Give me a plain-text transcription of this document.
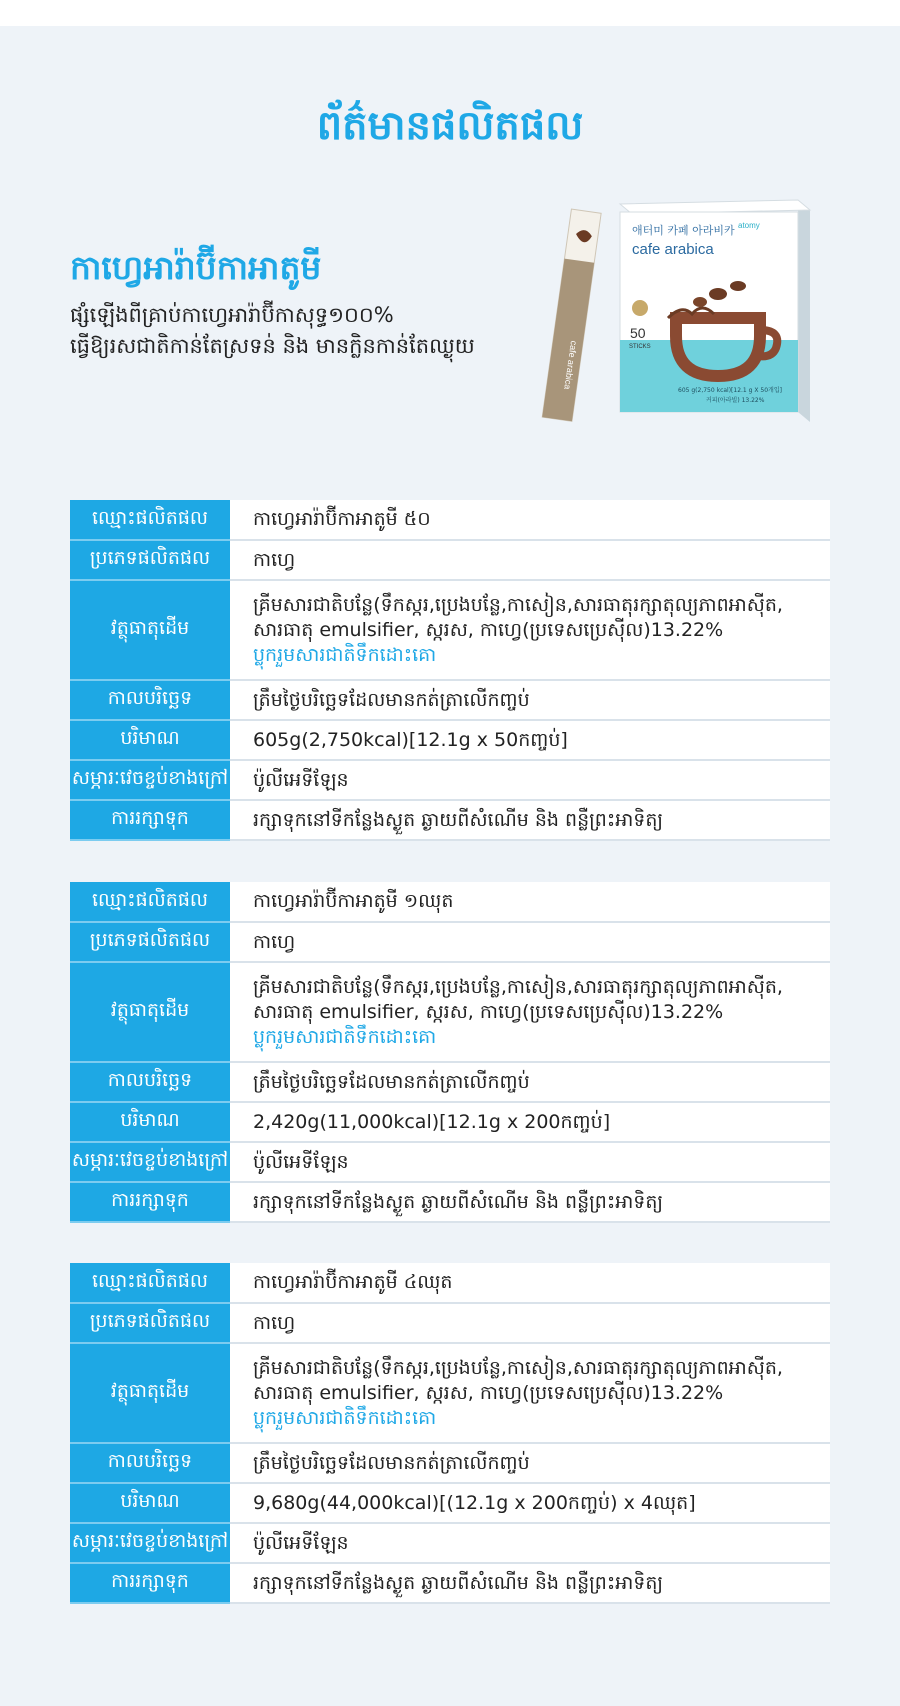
ព័ត៌មានផលិតផល
កាហ្វេអារ៉ាប៊ីកាអាតូមី
ផ្សំឡើងពីគ្រាប់កាហ្វេអារ៉ាប៊ីកាសុទ្ធ១០០%
ធ្វើឱ្យរសជាតិកាន់តែស្រទន់ និង មានក្លិនកាន់តែឈ្ងុយ	cafe arabica
애터미 카페 아라비카
cafe arabica
atomy
50
STICKS
605 g(2,750 kcal)[12.1 g X 50개입]
커피(아라빌) 13.22%
ឈ្មោះផលិតផល	កាហ្វេអារ៉ាប៊ីកាអាតូមី ៥០
ប្រភេទផលិតផល	កាហ្វេ
វត្ថុធាតុដើម	គ្រីមសារជាតិបន្លែ(ទឹកស្ករ,ប្រេងបន្លែ,កាសៀន,សារធាតុរក្សាតុល្យភាពអាស៊ីត,
សារធាតុ emulsifier, ស្ករស, កាហ្វេ(ប្រទេសប្រេស៊ីល)13.22%
ប្លុករួមសារជាតិទឹកដោះគោ

កាលបរិច្ឆេទ	ត្រឹមថ្ងៃបរិច្ឆេទដែលមានកត់ត្រាលើកញ្ចប់
បរិមាណ	605g(2,750kcal)[12.1g x 50កញ្ចប់]
សម្ភារៈវេចខ្ចប់ខាងក្រៅ	ប៉ូលីអេទីឡែន
ការរក្សាទុក	រក្សាទុកនៅទីកន្លែងស្ងួត ឆ្ងាយពីសំណើម និង ពន្លឺព្រះអាទិត្យ
ឈ្មោះផលិតផល	កាហ្វេអារ៉ាប៊ីកាអាតូមី ១ឈុត
ប្រភេទផលិតផល	កាហ្វេ
វត្ថុធាតុដើម	គ្រីមសារជាតិបន្លែ(ទឹកស្ករ,ប្រេងបន្លែ,កាសៀន,សារធាតុរក្សាតុល្យភាពអាស៊ីត,
សារធាតុ emulsifier, ស្ករស, កាហ្វេ(ប្រទេសប្រេស៊ីល)13.22%
ប្លុករួមសារជាតិទឹកដោះគោ

កាលបរិច្ឆេទ	ត្រឹមថ្ងៃបរិច្ឆេទដែលមានកត់ត្រាលើកញ្ចប់
បរិមាណ	2,420g(11,000kcal)[12.1g x 200កញ្ចប់]
សម្ភារៈវេចខ្ចប់ខាងក្រៅ	ប៉ូលីអេទីឡែន
ការរក្សាទុក	រក្សាទុកនៅទីកន្លែងស្ងួត ឆ្ងាយពីសំណើម និង ពន្លឺព្រះអាទិត្យ
ឈ្មោះផលិតផល	កាហ្វេអារ៉ាប៊ីកាអាតូមី ៤ឈុត
ប្រភេទផលិតផល	កាហ្វេ
វត្ថុធាតុដើម	គ្រីមសារជាតិបន្លែ(ទឹកស្ករ,ប្រេងបន្លែ,កាសៀន,សារធាតុរក្សាតុល្យភាពអាស៊ីត,
សារធាតុ emulsifier, ស្ករស, កាហ្វេ(ប្រទេសប្រេស៊ីល)13.22%
ប្លុករួមសារជាតិទឹកដោះគោ

កាលបរិច្ឆេទ	ត្រឹមថ្ងៃបរិច្ឆេទដែលមានកត់ត្រាលើកញ្ចប់
បរិមាណ	9,680g(44,000kcal)[(12.1g x 200កញ្ចប់) x 4ឈុត]
សម្ភារៈវេចខ្ចប់ខាងក្រៅ	ប៉ូលីអេទីឡែន
ការរក្សាទុក	រក្សាទុកនៅទីកន្លែងស្ងួត ឆ្ងាយពីសំណើម និង ពន្លឺព្រះអាទិត្យ
